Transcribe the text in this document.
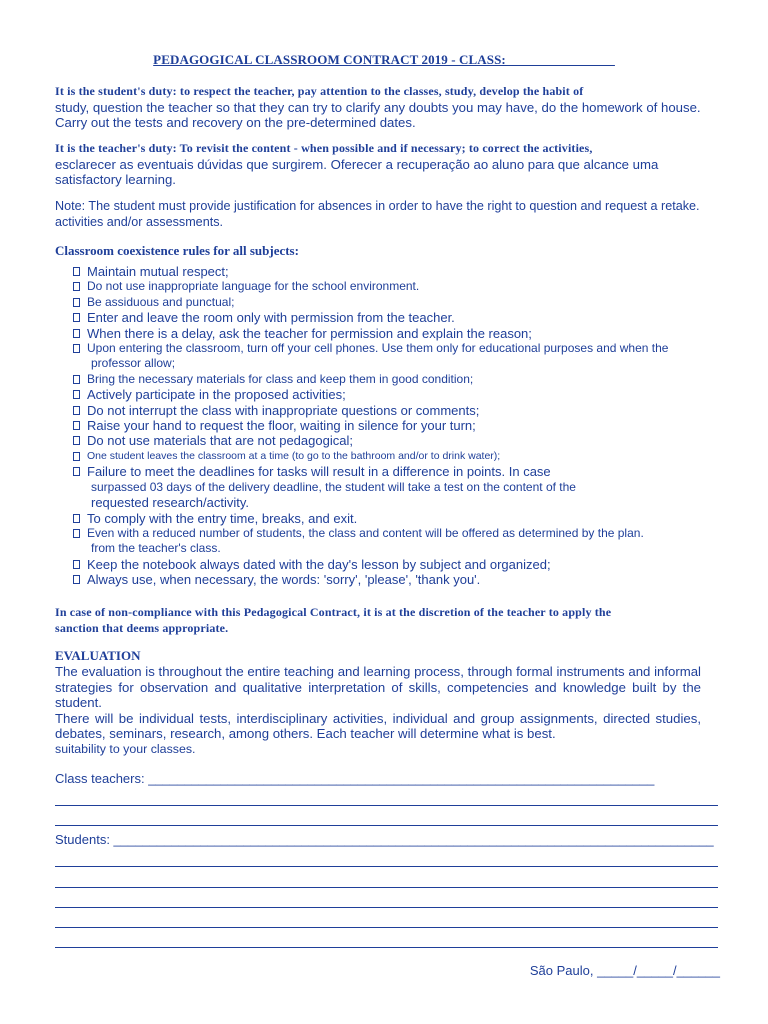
PEDAGOGICAL CLASSROOM CONTRACT 2019 - CLASS:_______ _________

It is the student's duty: to respect the teacher, pay attention to the classes, study, develop the habit of
study, question the teacher so that they can try to clarify any doubts you may have, do the homework of house. Carry out the tests and recovery on the pre-determined dates.

It is the teacher's duty: To revisit the content - when possible and if necessary; to correct the activities,
esclarecer as eventuais dúvidas que surgirem. Oferecer a recuperação ao aluno para que alcance uma satisfactory learning.

Note: The student must provide justification for absences in order to have the right to question and request a retake. activities and/or assessments.
Classroom coexistence rules for all subjects:
Maintain mutual respect;
Do not use inappropriate language for the school environment.
Be assiduous and punctual;
Enter and leave the room only with permission from the teacher.
When there is a delay, ask the teacher for permission and explain the reason;
Upon entering the classroom, turn off your cell phones. Use them only for educational purposes and when the
professor allow;
Bring the necessary materials for class and keep them in good condition;
Actively participate in the proposed activities;
Do not interrupt the class with inappropriate questions or comments;
Raise your hand to request the floor, waiting in silence for your turn;
Do not use materials that are not pedagogical;
One student leaves the classroom at a time (to go to the bathroom and/or to drink water);
Failure to meet the deadlines for tasks will result in a difference in points. In case
surpassed 03 days of the delivery deadline, the student will take a test on the content of the
requested research/activity.
To comply with the entry time, breaks, and exit.
Even with a reduced number of students, the class and content will be offered as determined by the plan.
from the teacher's class.
Keep the notebook always dated with the day's lesson by subject and organized;
Always use, when necessary, the words: 'sorry', 'please', 'thank you'.
In case of non-compliance with this Pedagogical Contract, it is at the discretion of the teacher to apply the sanction that deems appropriate.
EVALUATION
The evaluation is throughout the entire teaching and learning process, through formal instruments and informal strategies for observation and qualitative interpretation of skills, competencies and knowledge built by the student.
There will be individual tests, interdisciplinary activities, individual and group assignments, directed studies, debates, seminars, research, among others. Each teacher will determine what is best.
suitability to your classes.
Class teachers: ______________________________________________________________________
Students: ___________________________________________________________________________________
São Paulo, _____/_____/______
